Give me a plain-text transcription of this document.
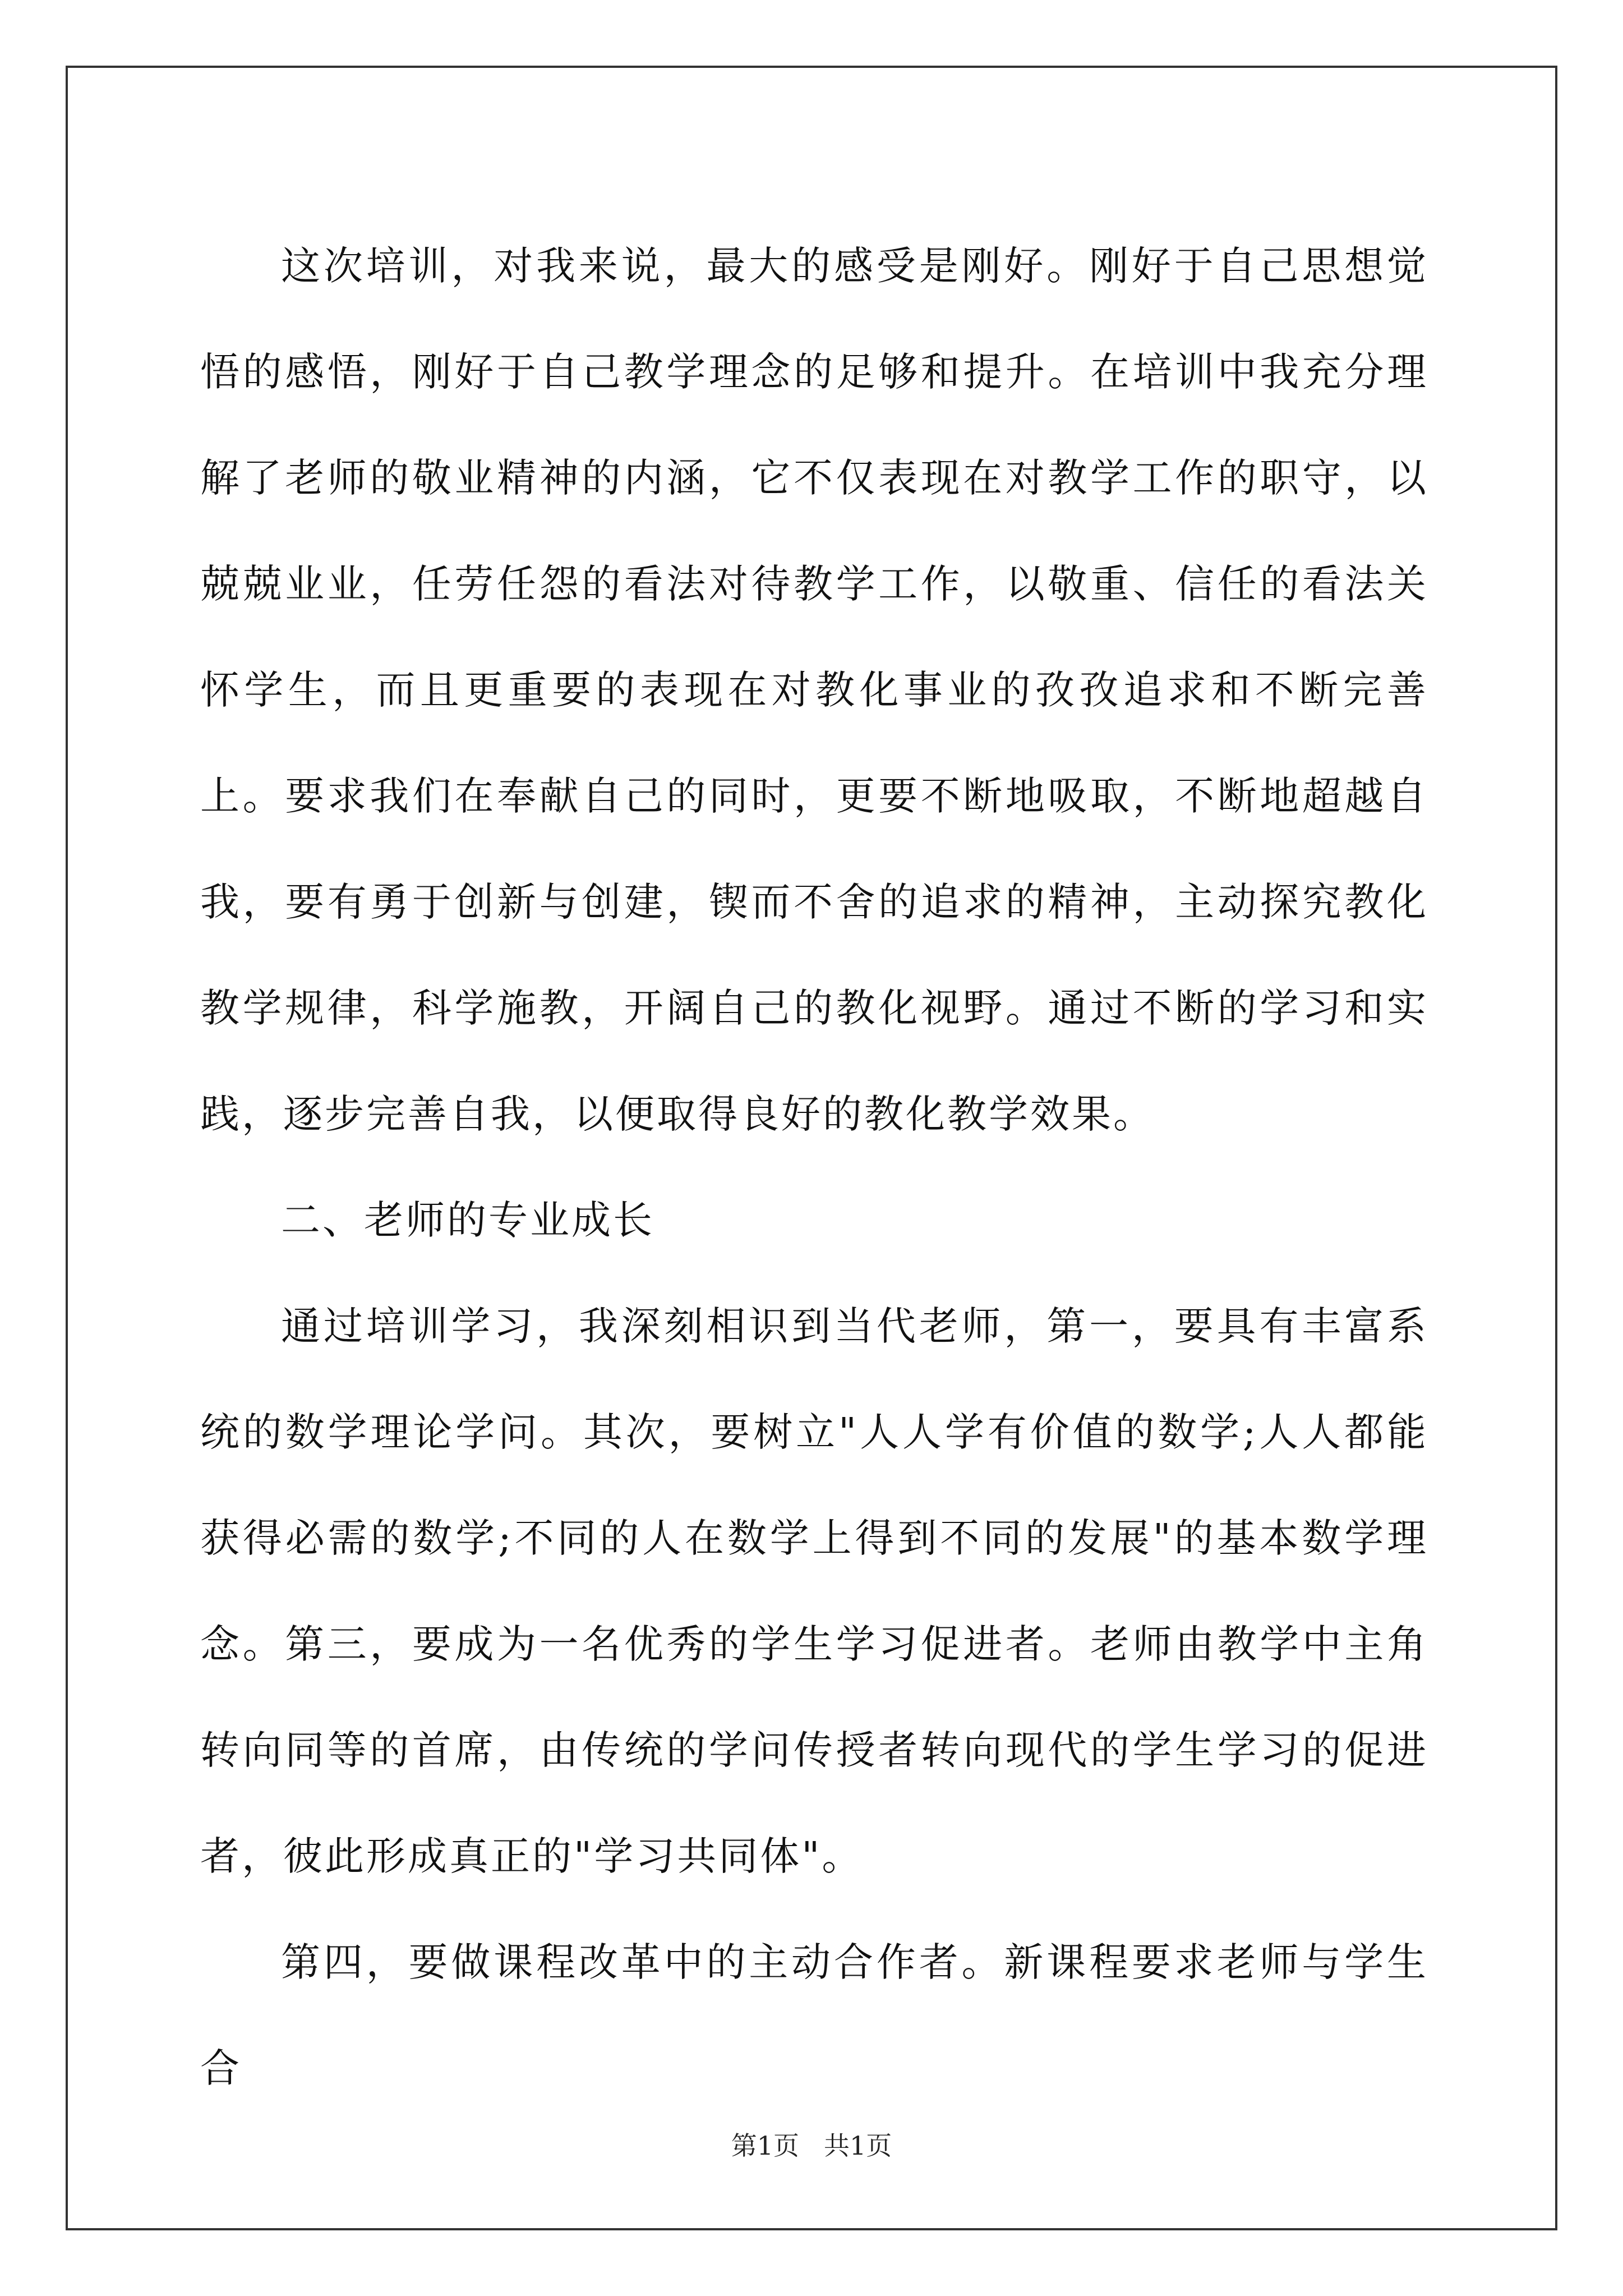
这次培训，对我来说，最大的感受是刚好。刚好于自己思想觉悟的感悟，刚好于自己教学理念的足够和提升。在培训中我充分理解了老师的敬业精神的内涵，它不仅表现在对教学工作的职守，以兢兢业业，任劳任怨的看法对待教学工作，以敬重、信任的看法关怀学生，而且更重要的表现在对教化事业的孜孜追求和不断完善上。要求我们在奉献自己的同时，更要不断地吸取，不断地超越自我，要有勇于创新与创建，锲而不舍的追求的精神，主动探究教化教学规律，科学施教，开阔自己的教化视野。通过不断的学习和实践，逐步完善自我，以便取得良好的教化教学效果。

二、老师的专业成长

通过培训学习，我深刻相识到当代老师，第一，要具有丰富系统的数学理论学问。其次，要树立"人人学有价值的数学;人人都能获得必需的数学;不同的人在数学上得到不同的发展"的基本数学理念。第三，要成为一名优秀的学生学习促进者。老师由教学中主角转向同等的首席，由传统的学问传授者转向现代的学生学习的促进者，彼此形成真正的"学习共同体"。

第四，要做课程改革中的主动合作者。新课程要求老师与学生合

第1页 共1页
